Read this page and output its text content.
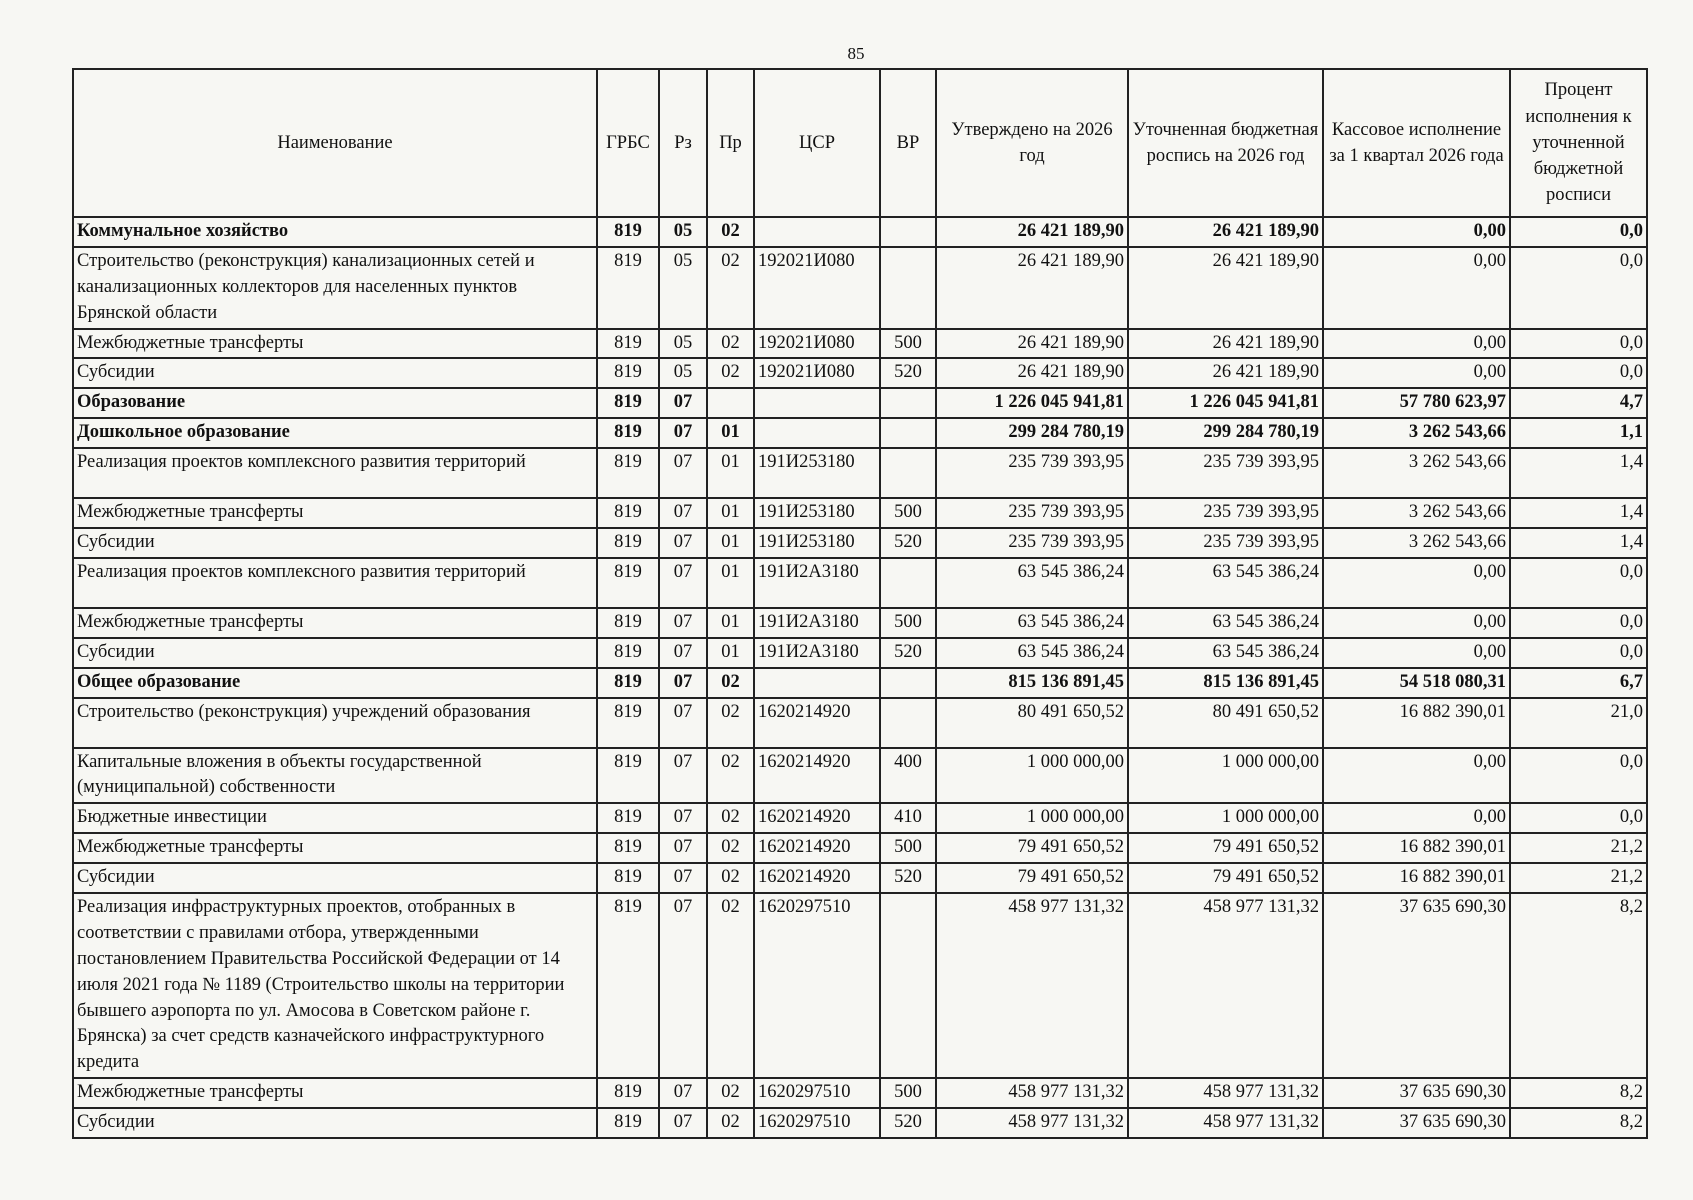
85
Наименование	ГРБС	Рз	Пр	ЦСР	ВР	Утверждено на 2026 год	Уточненная бюджетная роспись на 2026 год	Кассовое исполнение за 1 квартал 2026 года	Процент исполнения к уточненной бюджетной росписи
Коммунальное хозяйство	819	05	02			26 421 189,90	26 421 189,90	0,00	0,0
Строительство (реконструкция) канализационных сетей и канализационных коллекторов для населенных пунктов Брянской области	819	05	02	192021И080		26 421 189,90	26 421 189,90	0,00	0,0
Межбюджетные трансферты	819	05	02	192021И080	500	26 421 189,90	26 421 189,90	0,00	0,0
Субсидии	819	05	02	192021И080	520	26 421 189,90	26 421 189,90	0,00	0,0
Образование	819	07				1 226 045 941,81	1 226 045 941,81	57 780 623,97	4,7
Дошкольное образование	819	07	01			299 284 780,19	299 284 780,19	3 262 543,66	1,1
Реализация проектов комплексного развития территорий	819	07	01	191И253180		235 739 393,95	235 739 393,95	3 262 543,66	1,4
Межбюджетные трансферты	819	07	01	191И253180	500	235 739 393,95	235 739 393,95	3 262 543,66	1,4
Субсидии	819	07	01	191И253180	520	235 739 393,95	235 739 393,95	3 262 543,66	1,4
Реализация проектов комплексного развития территорий	819	07	01	191И2А3180		63 545 386,24	63 545 386,24	0,00	0,0
Межбюджетные трансферты	819	07	01	191И2А3180	500	63 545 386,24	63 545 386,24	0,00	0,0
Субсидии	819	07	01	191И2А3180	520	63 545 386,24	63 545 386,24	0,00	0,0
Общее образование	819	07	02			815 136 891,45	815 136 891,45	54 518 080,31	6,7
Строительство (реконструкция) учреждений образования	819	07	02	1620214920		80 491 650,52	80 491 650,52	16 882 390,01	21,0
Капитальные вложения в объекты государственной (муниципальной) собственности	819	07	02	1620214920	400	1 000 000,00	1 000 000,00	0,00	0,0
Бюджетные инвестиции	819	07	02	1620214920	410	1 000 000,00	1 000 000,00	0,00	0,0
Межбюджетные трансферты	819	07	02	1620214920	500	79 491 650,52	79 491 650,52	16 882 390,01	21,2
Субсидии	819	07	02	1620214920	520	79 491 650,52	79 491 650,52	16 882 390,01	21,2
Реализация инфраструктурных проектов, отобранных в соответствии с правилами отбора, утвержденными постановлением Правительства Российской Федерации от 14 июля 2021 года № 1189 (Строительство школы на территории бывшего аэропорта по ул. Амосова в Советском районе г. Брянска) за счет средств казначейского инфраструктурного кредита	819	07	02	1620297510		458 977 131,32	458 977 131,32	37 635 690,30	8,2
Межбюджетные трансферты	819	07	02	1620297510	500	458 977 131,32	458 977 131,32	37 635 690,30	8,2
Субсидии	819	07	02	1620297510	520	458 977 131,32	458 977 131,32	37 635 690,30	8,2
